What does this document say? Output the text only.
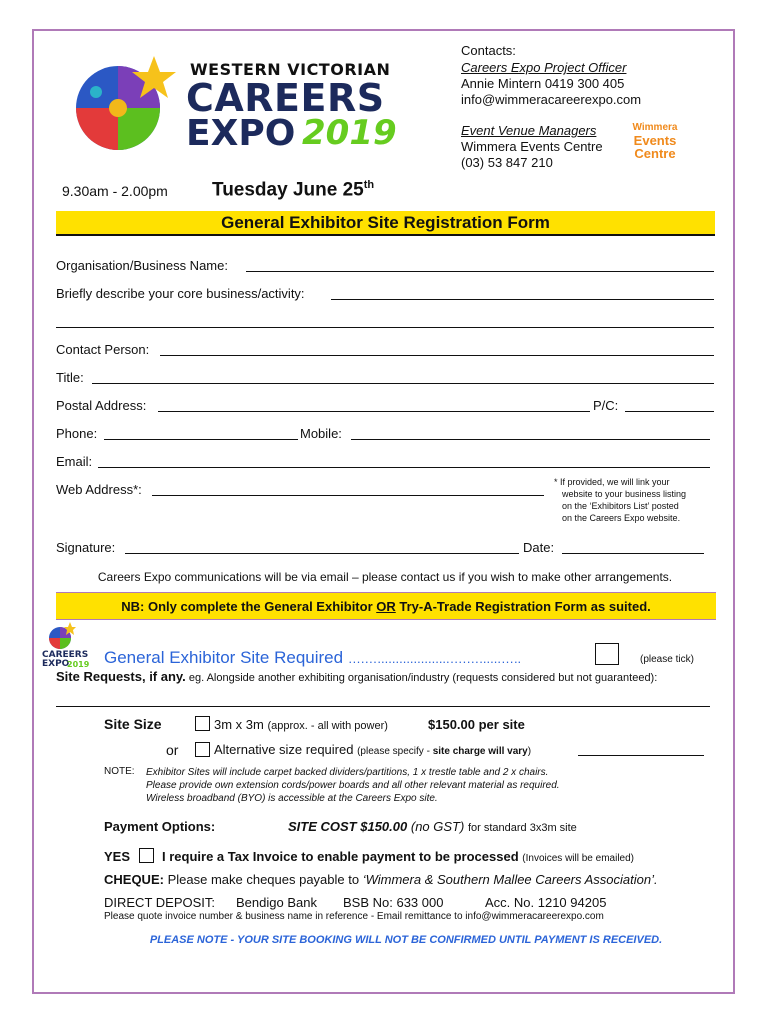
WESTERN VICTORIAN
CAREERS
EXPO 2019
Contacts:
Careers Expo Project Officer
Annie Mintern 0419 300 405
info@wimmeracareerexpo.com
Event Venue Managers
Wimmera Events Centre
(03) 53 847 210
Wimmera
Events
Centre
9.30am - 2.00pm Tuesday June 25th
General Exhibitor Site Registration Form
Organisation/Business Name:
Briefly describe your core business/activity:
Contact Person:
Title:
Postal Address:	P/C:
Phone:	Mobile:
Email:
Web Address*:	* If provided, we will link your
website to your business listing
on the ‘Exhibitors List’ posted
on the Careers Expo website.
Signature:	Date:
Careers Expo communications will be via email – please contact us if you wish to make other arrangements.
NB: Only complete the General Exhibitor OR Try-A-Trade Registration Form as suited.
CAREERS
EXPO
2019 General Exhibitor Site Required ….…....................….…......…..	(please tick)
Site Requests, if any. eg. Alongside another exhibiting organisation/industry (requests considered but not guaranteed):
Site Size	3m x 3m (approx. - all with power)	$150.00 per site
or	Alternative size required (please specify - site charge will vary)
NOTE: Exhibitor Sites will include carpet backed dividers/partitions, 1 x trestle table and 2 x chairs.
Please provide own extension cords/power boards and all other relevant material as required.
Wireless broadband (BYO) is accessible at the Careers Expo site.
Payment Options:	SITE COST $150.00 (no GST) for standard 3x3m site
YES I require a Tax Invoice to enable payment to be processed (Invoices will be emailed)
CHEQUE: Please make cheques payable to ‘Wimmera & Southern Mallee Careers Association’.
DIRECT DEPOSIT: Bendigo Bank BSB No: 633 000	Acc. No. 1210 94205
Please quote invoice number & business name in reference - Email remittance to info@wimmeracareerexpo.com
PLEASE NOTE - YOUR SITE BOOKING WILL NOT BE CONFIRMED UNTIL PAYMENT IS RECEIVED.
